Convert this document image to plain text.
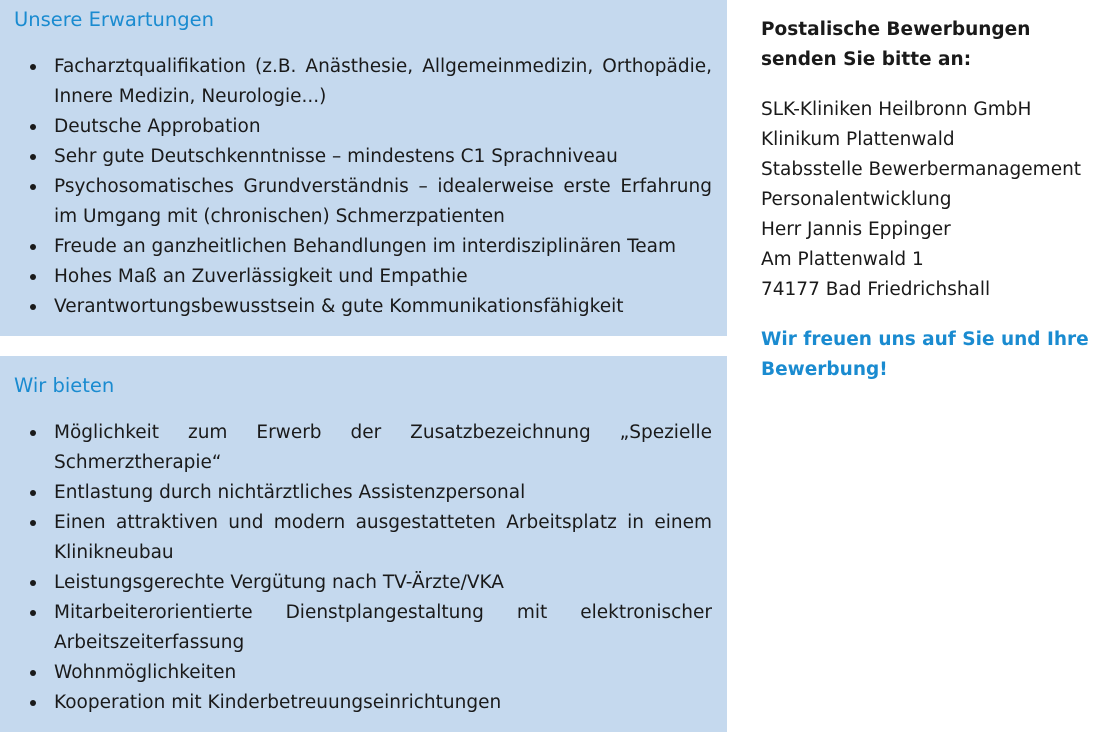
Unsere Erwartungen
Facharztqualifikation (z.B. Anästhesie, Allgemeinmedizin, Orthopädie, Innere Medizin, Neurologie...)
Deutsche Approbation
Sehr gute Deutschkenntnisse – mindestens C1 Sprachniveau
Psychosomatisches Grundverständnis – idealerweise erste Erfahrung im Umgang mit (chronischen) Schmerzpatienten
Freude an ganzheitlichen Behandlungen im interdisziplinären Team
Hohes Maß an Zuverlässigkeit und Empathie
Verantwortungsbewusstsein & gute Kommunikationsfähigkeit
Wir bieten
Möglichkeit zum Erwerb der Zusatzbezeichnung „Spezielle Schmerztherapie“
Entlastung durch nichtärztliches Assistenzpersonal
Einen attraktiven und modern ausgestatteten Arbeitsplatz in einem Klinikneubau
Leistungsgerechte Vergütung nach TV-Ärzte/VKA
Mitarbeiterorientierte Dienstplangestaltung mit elektronischer Arbeitszeiterfassung
Wohnmöglichkeiten
Kooperation mit Kinderbetreuungseinrichtungen

Postalische Bewerbungen senden Sie bitte an:

SLK-Kliniken Heilbronn GmbH
Klinikum Plattenwald
Stabsstelle Bewerbermanagement
Personalentwicklung
Herr Jannis Eppinger
Am Plattenwald 1
74177 Bad Friedrichshall

Wir freuen uns auf Sie und Ihre Bewerbung!
